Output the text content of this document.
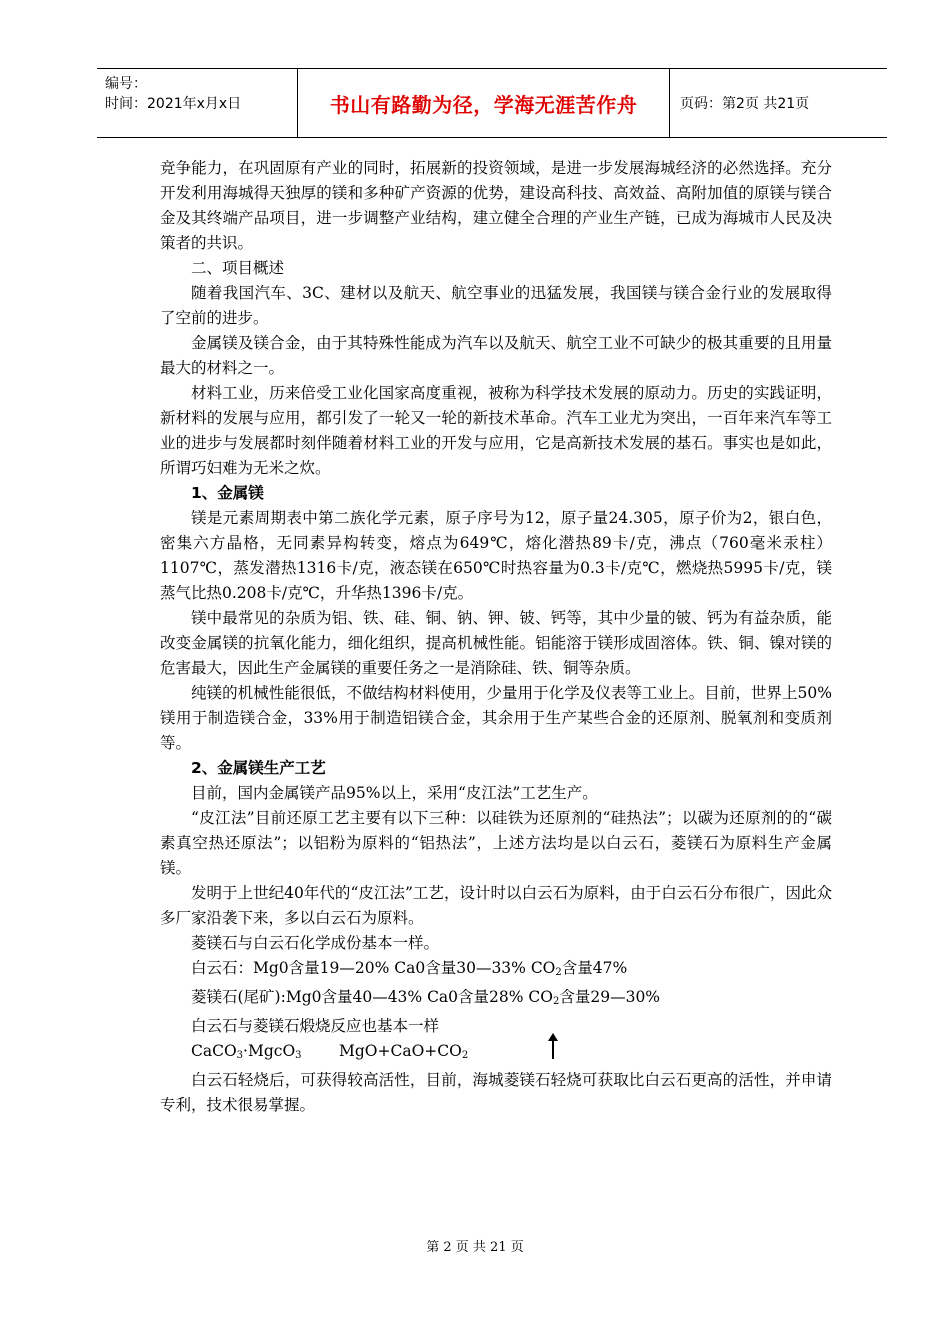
编号：
时间：2021年x月x日	书山有路勤为径，学海无涯苦作舟	页码：第2页 共21页

竞争能力，在巩固原有产业的同时，拓展新的投资领域，是进一步发展海城经济的必然选择。充分开发利用海城得天独厚的镁和多种矿产资源的优势，建设高科技、高效益、高附加值的原镁与镁合金及其终端产品项目，进一步调整产业结构，建立健全合理的产业生产链，已成为海城市人民及决策者的共识。

二、项目概述

随着我国汽车、3C、建材以及航天、航空事业的迅猛发展，我国镁与镁合金行业的发展取得了空前的进步。

金属镁及镁合金，由于其特殊性能成为汽车以及航天、航空工业不可缺少的极其重要的且用量最大的材料之一。

材料工业，历来倍受工业化国家高度重视，被称为科学技术发展的原动力。历史的实践证明，新材料的发展与应用，都引发了一轮又一轮的新技术革命。汽车工业尤为突出，一百年来汽车等工业的进步与发展都时刻伴随着材料工业的开发与应用，它是高新技术发展的基石。事实也是如此，所谓巧妇难为无米之炊。

1、金属镁

镁是元素周期表中第二族化学元素，原子序号为12，原子量24.305，原子价为2，银白色，密集六方晶格，无同素异构转变，熔点为649℃，熔化潜热89卡/克，沸点（760毫米汞柱）1107℃，蒸发潜热1316卡/克，液态镁在650℃时热容量为0.3卡/克℃，燃烧热5995卡/克，镁蒸气比热0.208卡/克℃，升华热1396卡/克。

镁中最常见的杂质为铝、铁、硅、铜、钠、钾、铍、钙等，其中少量的铍、钙为有益杂质，能改变金属镁的抗氧化能力，细化组织，提高机械性能。铝能溶于镁形成固溶体。铁、铜、镍对镁的危害最大，因此生产金属镁的重要任务之一是消除硅、铁、铜等杂质。

纯镁的机械性能很低，不做结构材料使用，少量用于化学及仪表等工业上。目前，世界上50%镁用于制造镁合金，33%用于制造铝镁合金，其余用于生产某些合金的还原剂、脱氧剂和变质剂等。

2、金属镁生产工艺

目前，国内金属镁产品95%以上，采用“皮江法”工艺生产。

“皮江法”目前还原工艺主要有以下三种：以硅铁为还原剂的“硅热法”；以碳为还原剂的的“碳素真空热还原法”；以铝粉为原料的“铝热法”，上述方法均是以白云石，菱镁石为原料生产金属镁。

发明于上世纪40年代的“皮江法”工艺，设计时以白云石为原料，由于白云石分布很广，因此众多厂家沿袭下来，多以白云石为原料。

菱镁石与白云石化学成份基本一样。

白云石：Mg0含量19—20% Ca0含量30—33% $CO_2$含量47%

菱镁石(尾矿):Mg0含量40—43% Ca0含量28% $CO_2$含量29—30%

白云石与菱镁石煅烧反应也基本一样

CaCO$_3$·MgcO$_3$ $MgO+CaO+CO_2$

白云石轻烧后，可获得较高活性，目前，海城菱镁石轻烧可获取比白云石更高的活性，并申请专利，技术很易掌握。

第 2 页 共 21 页
